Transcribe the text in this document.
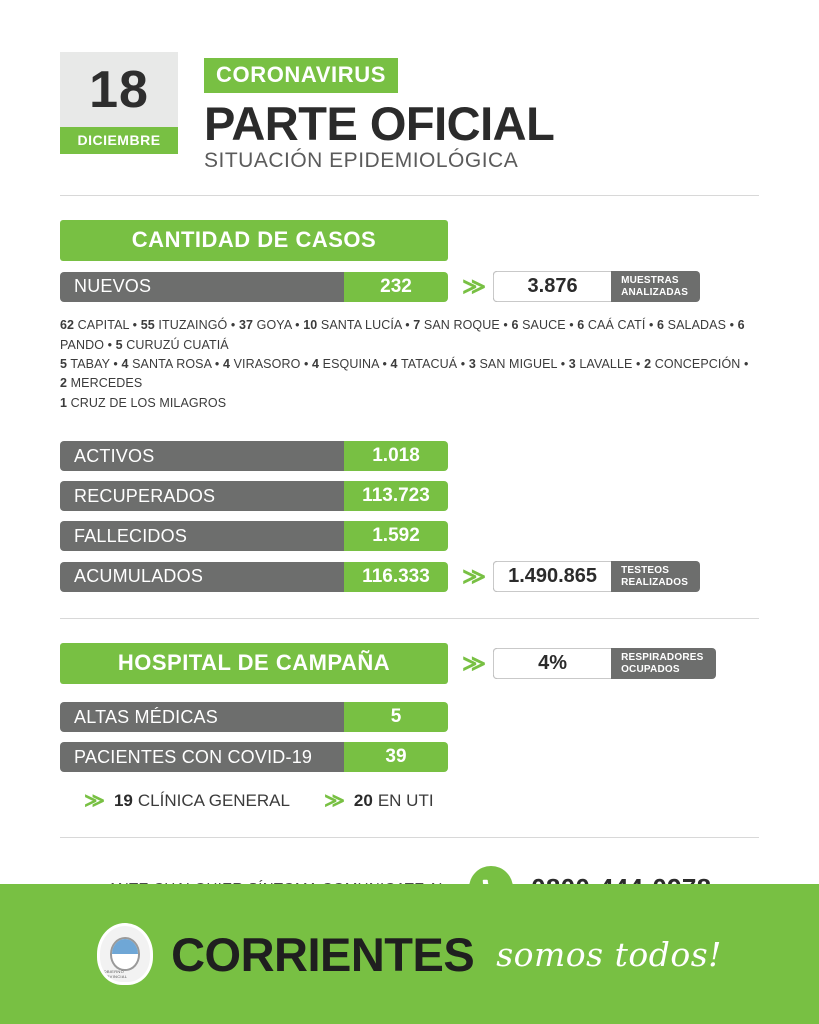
18
DICIEMBRE
CORONAVIRUS
PARTE OFICIAL
SITUACIÓN EPIDEMIOLÓGICA
CANTIDAD DE CASOS
NUEVOS	232	≫	3.876	MUESTRAS
ANALIZADAS
62 CAPITAL • 55 ITUZAINGÓ • 37 GOYA • 10 SANTA LUCÍA • 7 SAN ROQUE • 6 SAUCE • 6 CAÁ CATÍ • 6 SALADAS • 6 PANDO • 5 CURUZÚ CUATIÁ
5 TABAY • 4 SANTA ROSA • 4 VIRASORO • 4 ESQUINA • 4 TATACUÁ • 3 SAN MIGUEL • 3 LAVALLE • 2 CONCEPCIÓN • 2 MERCEDES
1 CRUZ DE LOS MILAGROS
ACTIVOS	1.018
RECUPERADOS	113.723
FALLECIDOS	1.592
ACUMULADOS	116.333	≫	1.490.865	TESTEOS
REALIZADOS
HOSPITAL DE CAMPAÑA	≫	4%	RESPIRADORES
OCUPADOS
ALTAS MÉDICAS	5
PACIENTES CON COVID-19	39
≫ 19 CLÍNICA GENERAL ≫ 20 EN UTI
GOBIERNO PROVINCIAL CORRIENTES somos todos!
